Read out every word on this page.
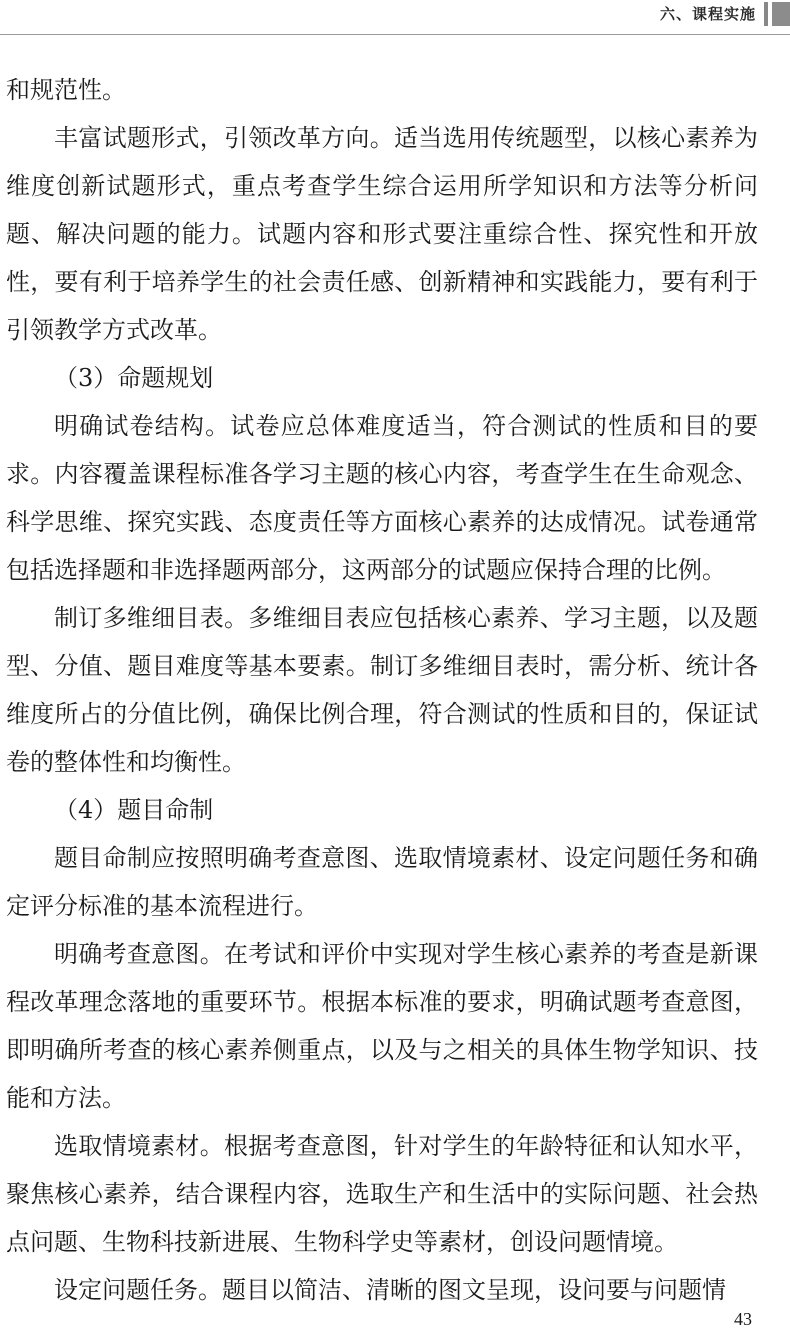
六、课程实施

和规范性。

丰富试题形式，引领改革方向。适当选用传统题型，以核心素养为维度创新试题形式，重点考查学生综合运用所学知识和方法等分析问题、解决问题的能力。试题内容和形式要注重综合性、探究性和开放性，要有利于培养学生的社会责任感、创新精神和实践能力，要有利于引领教学方式改革。

（3）命题规划

明确试卷结构。试卷应总体难度适当，符合测试的性质和目的要求。内容覆盖课程标准各学习主题的核心内容，考查学生在生命观念、科学思维、探究实践、态度责任等方面核心素养的达成情况。试卷通常包括选择题和非选择题两部分，这两部分的试题应保持合理的比例。

制订多维细目表。多维细目表应包括核心素养、学习主题，以及题型、分值、题目难度等基本要素。制订多维细目表时，需分析、统计各维度所占的分值比例，确保比例合理，符合测试的性质和目的，保证试卷的整体性和均衡性。

（4）题目命制

题目命制应按照明确考查意图、选取情境素材、设定问题任务和确定评分标准的基本流程进行。

明确考查意图。在考试和评价中实现对学生核心素养的考查是新课程改革理念落地的重要环节。根据本标准的要求，明确试题考查意图，即明确所考查的核心素养侧重点，以及与之相关的具体生物学知识、技能和方法。

选取情境素材。根据考查意图，针对学生的年龄特征和认知水平，聚焦核心素养，结合课程内容，选取生产和生活中的实际问题、社会热点问题、生物科技新进展、生物科学史等素材，创设问题情境。

设定问题任务。题目以简洁、清晰的图文呈现，设问要与问题情

43
